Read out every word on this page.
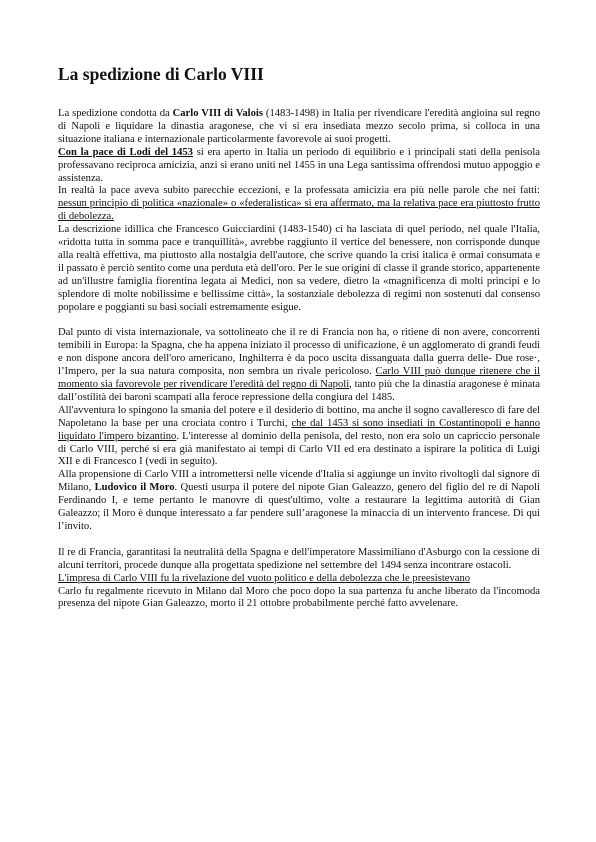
La spedizione di Carlo VIII

La spedizione condotta da Carlo VIII di Valois (1483-1498) in Italia per rivendicare l'eredità angioina sul regno di Napoli e liquidare la dinastia aragonese, che vi si era insediata mezzo secolo prima, si colloca in una situazione italiana e internazionale particolarmente favorevole ai suoi progetti.

Con la pace di Lodi del 1453 si era aperto in Italia un periodo di equilibrio e i principali stati della penisola professavano reciproca amicizia, anzi si erano uniti nel 1455 in una Lega santissima offrendosi mutuo appoggio e assistenza.

In realtà la pace aveva subito parecchie eccezioni, e la professata amicizia era più nelle parole che nei fatti: nessun principio di politica «nazionale» o «federalistica» si era affermato, ma la relativa pace era piuttosto frutto di debolezza.

La descrizione idillica che Francesco Guicciardini (1483-1540) ci ha lasciata di quel periodo, nel quale l'Italia, «ridotta tutta in somma pace e tranquillità», avrebbe raggiunto il vertice del benessere, non corrisponde dunque alla realtà effettiva, ma piuttosto alla nostalgia dell'autore, che scrive quando la crisi italica è ormai consumata e il passato è perciò sentito come una perduta età dell'oro. Per le sue origini di classe il grande storico, appartenente ad un'illustre famiglia fiorentina legata ai Medici, non sa vedere, dietro la «magnificenza di molti prìncipi e lo splendore di molte nobilissime e bellissime città», la sostanziale debolezza di regimi non sostenuti dal consenso popolare e poggianti su basi sociali estremamente esigue.

Dal punto di vista internazionale, va sottolineato che il re di Francia non ha, o ritiene di non avere, concorrenti temibili in Europa: la Spagna, che ha appena iniziato il processo di unificazione, è un agglomerato di grandi feudi e non dispone ancora dell'oro americano, Inghilterra è da poco uscita dissanguata dalla guerra delle- Due rose·, l’Impero, per la sua natura composita, non sembra un rivale pericoloso. Carlo VIII può dunque ritenere che il momento sia favorevole per rivendicare l'eredità del regno di Napoli, tanto più che la dinastia aragonese è minata dall’ostilità dei baroni scampati alla feroce repressione della congiura del 1485.

All'avventura lo spingono la smania del potere e il desiderio di bottino, ma anche il sogno cavalleresco di fare del Napoletano la base per una crociata contro i Turchi, che dal 1453 si sono insediati in Costantinopoli e hanno liquidato l'impero bizantino. L'interesse al dominio della penisola, del resto, non era solo un capriccio personale di Carlo VIII, perché si era già manifestato ai tempi di Carlo VII ed era destinato a ispirare la politica di Luigi XII e di Francesco I (vedi in seguito).

Alla propensione di Carlo VIII a intromettersi nelle vicende d'Italia si aggiunge un invito rivoltogli dal signore di Milano, Ludovico il Moro. Questi usurpa il potere del nipote Gian Galeazzo, genero del figlio del re di Napoli Ferdinando I, e teme pertanto le manovre di quest'ultimo, volte a restaurare la legittima autorità di Gian Galeazzo; il Moro è dunque interessato a far pendere sull’aragonese la minaccia di un intervento francese. Di qui l’invito.

Il re di Francia, garantitasi la neutralità della Spagna e dell'imperatore Massimiliano d'Asburgo con la cessione di alcuni territori, procede dunque alla progettata spedizione nel settembre del 1494 senza incontrare ostacoli.

L'impresa di Carlo VIII fu la rivelazione del vuoto politico e della debolezza che le preesistevano

Carlo fu regalmente ricevuto in Milano dal Moro che poco dopo la sua partenza fu anche liberato da l'incomoda presenza del nipote Gian Galeazzo, morto il 21 ottobre probabilmente perché fatto avvelenare.
